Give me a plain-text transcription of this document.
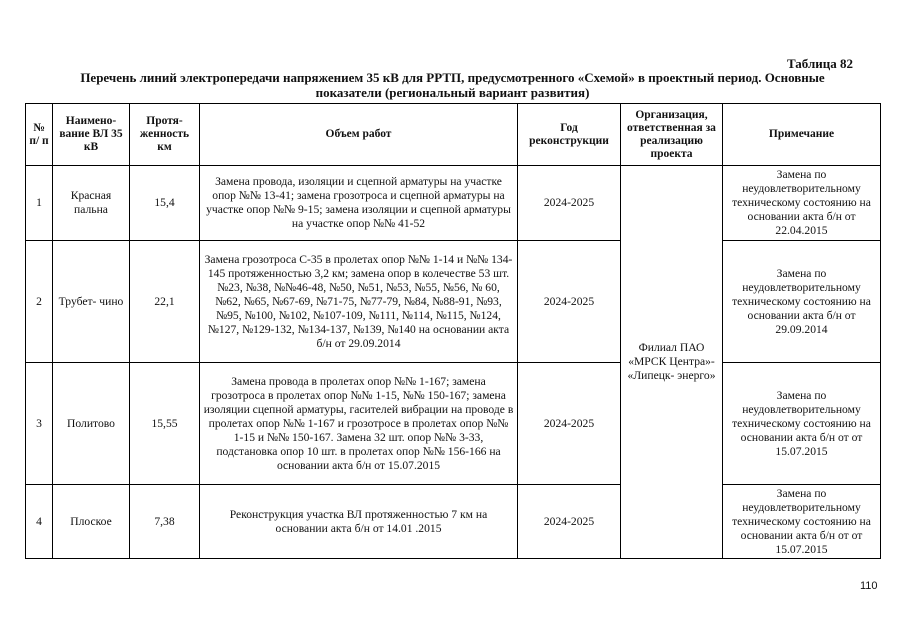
Таблица 82
Перечень линий электропередачи напряжением 35 кВ для РРТП, предусмотренного «Схемой» в проектный период. Основные показатели (региональный вариант развития)
№ п/ п	Наимено- вание ВЛ 35 кВ	Протя- женность км	Объем работ	Год реконструкции	Организация, ответственная за реализацию проекта	Примечание
1	Красная пальна	15,4	Замена провода, изоляции и сцепной арматуры на участке опор №№ 13-41; замена грозотроса и сцепной арматуры на участке опор №№ 9-15; замена изоляции и сцепной арматуры на участке опор №№ 41-52	2024-2025	Филиал ПАО «МРСК Центра»- «Липецк- энерго»	Замена по неудовлетворительному техническому состоянию на основании акта б/н от 22.04.2015
2	Трубет- чино	22,1	Замена грозотроса С-35 в пролетах опор №№ 1-14 и №№ 134-145 протяженностью 3,2 км; замена опор в колечестве 53 шт. №23, №38, №№46-48, №50, №51, №53, №55, №56, № 60, №62, №65, №67-69, №71-75, №77-79, №84, №88-91, №93, №95, №100, №102, №107-109, №111, №114, №115, №124, №127, №129-132, №134-137, №139, №140 на основании акта б/н от 29.09.2014	2024-2025		Замена по неудовлетворительному техническому состоянию на основании акта б/н от 29.09.2014
3	Политово	15,55	Замена провода в пролетах опор №№ 1-167; замена грозотроса в пролетах опор №№ 1-15, №№ 150-167; замена изоляции сцепной арматуры, гасителей вибрации на проводе в пролетах опор №№ 1-167 и грозотросе в пролетах опор №№ 1-15 и №№ 150-167. Замена 32 шт. опор №№ 3-33, подстановка опор 10 шт. в пролетах опор №№ 156-166 на основании акта б/н от 15.07.2015	2024-2025		Замена по неудовлетворительному техническому состоянию на основании акта б/н от от 15.07.2015
4	Плоское	7,38	Реконструкция участка ВЛ протяженностью 7 км на основании акта б/н от 14.01 .2015	2024-2025		Замена по неудовлетворительному техническому состоянию на основании акта б/н от от 15.07.2015
110
